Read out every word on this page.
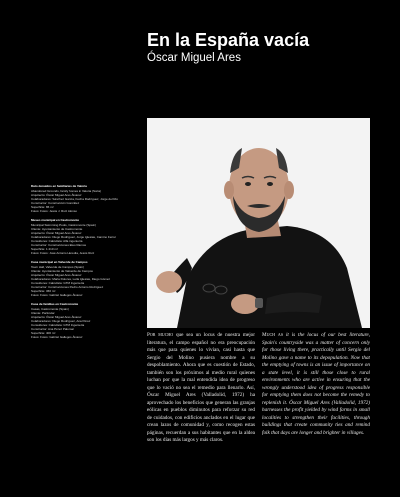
En la España vacía
Óscar Miguel Ares
Dato denuidos en familiaries de Valoria

Abandoned Grounds, family homes in Valoria (Soria)

Arquitecto: Óscar Miguel Ares Álvarez

Colaboradores: Sánchez García, Fecha Rodríguez, Jorge del Río

Constructor: Construcción González

Superficie: 86 m²

Fotos: Fotos: Jesús J. Ruiz Alonso

Museo municipal en Castromonte

Municipal Swimming Pools, Castromonte (Spain)

Cliente: Ayuntamiento de Castromonte

Arquitecto: Óscar Miguel Ares Álvarez

Colaboradores: Diego Rodríguez, Jorge Iglesias, Camino Ferrer

Consultores: Calculista: Alfa ingeniería

Constructor: Construcciones Eleo Ramos

Superficie: 1 210 m²

Fotos: Fotos: José Antonio Heredia, Jesús Ruiz

Casa municipal en Valverde de Campos

Town Hall, Valverde de Campos (Spain)

Cliente: Ayuntamiento de Valverde de Campos

Arquitecto: Óscar Miguel Ares Álvarez

Colaboradores: Maria Dolores, Leila Iglesias, Diego Gómez

Consultores: Calculista: GTM Ingeniería

Constructor: Construcciones Pedro Antonio Rodríguez

Superficie: 366 m²

Fotos: Fotos: Gabriel Gallegos Álvarez

Casa de familias en Castromonte

Casas, Castromonte (Spain)

Cliente: Particular

Arquitecto: Óscar Miguel Ares Álvarez

Colaboradores: Diego Rodríguez, Ana Pérez

Consultores: Calculista: GTM Ingeniería

Constructor: Ana Pérez Palomar

Superficie: 400 m²

Fotos: Fotos: Gabriel Gallegos Álvarez	Por mucho que sea un locus de nuestra mejor literatura, el campo español no era preocupación más que para quienes lo vivían, casi hasta que Sergio del Molino pusiera nombre a su despoblamiento. Ahora que es cuestión de Estado, también son los próximos al medio rural quienes luchan por que la mal entendida idea de progreso que lo vació no sea el remedio para llenarlo. Así, Óscar Miguel Ares (Valladolid, 1972) ha aprovechado los beneficios que generan las granjas eólicas en pueblos diminutos para reforzar su red de cuidados, con edificios anclados en el lugar que crean lazos de comunidad y, como recogen estas páginas, recuerdan a sus habitantes que en la aldea son los días más largos y más claros.

Much as it is the locus of our best literature, Spain's countryside was a matter of concern only for those living there, practically until Sergio del Molino gave a name to its depopulation. Now that the emptying of towns is an issue of importance on a state level, it is still those close to rural environments who are active in ensuring that the wrongly understood idea of progress responsible for emptying them does not become the remedy to replenish it. Óscar Miguel Ares (Valladolid, 1972) harnesses the profit yielded by wind farms in small localities to strengthen their facilities, through buildings that create community ties and remind folk that days are longer and brighter in villages.
